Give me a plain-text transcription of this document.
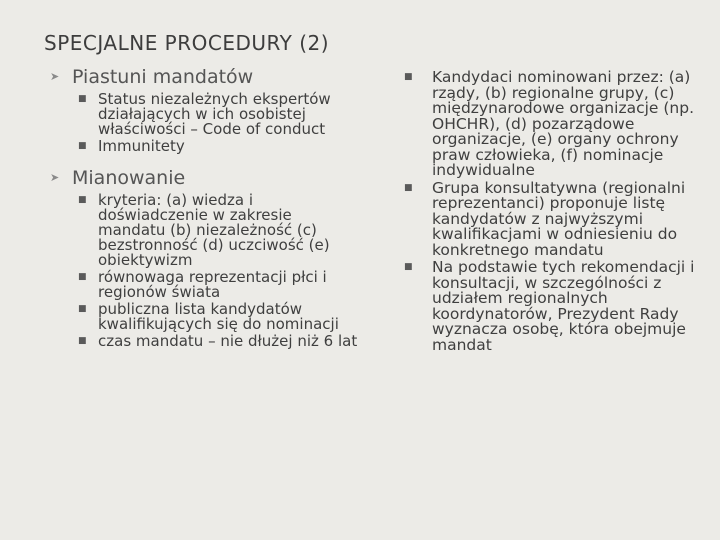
SPECJALNE PROCEDURY (2)
➤ Piastuni mandatów
■ Status niezależnych ekspertów działających w ich osobistej właściwości – Code of conduct
■ Immunitety
➤ Mianowanie
■ kryteria: (a) wiedza i doświadczenie w zakresie mandatu (b) niezależność (c) bezstronność (d) uczciwość (e) obiektywizm
■ równowaga reprezentacji płci i regionów świata
■ publiczna lista kandydatów kwalifikujących się do nominacji
■ czas mandatu – nie dłużej niż 6 lat
■	Kandydaci nominowani przez: (a) rządy, (b) regionalne grupy, (c) międzynarodowe organizacje (np. OHCHR), (d) pozarządowe organizacje, (e) organy ochrony praw człowieka, (f) nominacje indywidualne
■	Grupa konsultatywna (regionalni reprezentanci) proponuje listę kandydatów z najwyższymi kwalifikacjami w odniesieniu do konkretnego mandatu
■	Na podstawie tych rekomendacji i konsultacji, w szczególności z udziałem regionalnych koordynatorów, Prezydent Rady wyznacza osobę, która obejmuje mandat
